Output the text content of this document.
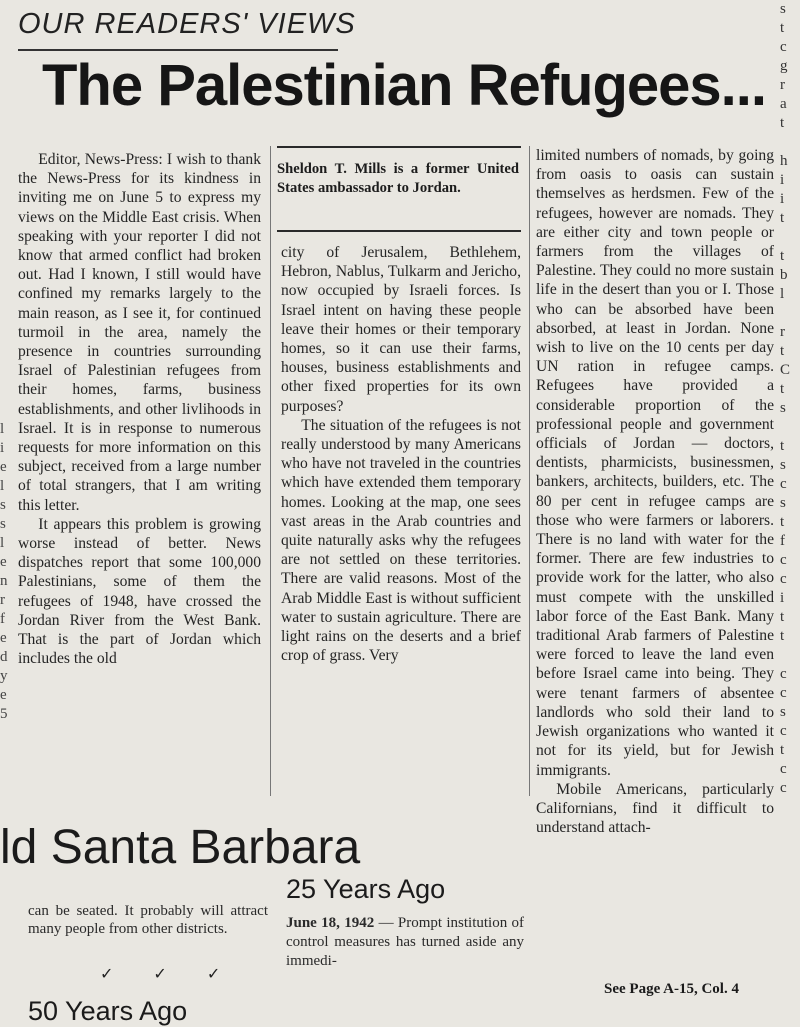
OUR READERS' VIEWS
The Palestinian Refugees...

Editor, News-Press: I wish to thank the News-Press for its kindness in inviting me on June 5 to express my views on the Middle East crisis. When speaking with your reporter I did not know that armed conflict had broken out. Had I known, I still would have confined my remarks largely to the main reason, as I see it, for continued turmoil in the area, namely the presence in countries surrounding Israel of Palestinian refugees from their homes, farms, business establishments, and other livlihoods in Israel. It is in response to numerous requests for more information on this subject, received from a large number of total strangers, that I am writing this letter.

It appears this problem is growing worse instead of better. News dispatches report that some 100,000 Palestinians, some of them the refugees of 1948, have crossed the Jordan River from the West Bank. That is the part of Jordan which includes the old

Sheldon T. Mills is a former United States ambassador to Jordan.

city of Jerusalem, Bethlehem, Hebron, Nablus, Tulkarm and Jericho, now occupied by Israeli forces. Is Israel intent on having these people leave their homes or their temporary homes, so it can use their farms, houses, business establishments and other fixed properties for its own purposes?

The situation of the refugees is not really understood by many Americans who have not traveled in the countries which have extended them temporary homes. Looking at the map, one sees vast areas in the Arab countries and quite naturally asks why the refugees are not settled on these territories. There are valid reasons. Most of the Arab Middle East is without sufficient water to sustain agriculture. There are light rains on the deserts and a brief crop of grass. Very

limited numbers of nomads, by going from oasis to oasis can sustain themselves as herdsmen. Few of the refugees, however are nomads. They are either city and town people or farmers from the villages of Palestine. They could no more sustain life in the desert than you or I. Those who can be absorbed have been absorbed, at least in Jordan. None wish to live on the 10 cents per day UN ration in refugee camps. Refugees have provided a considerable proportion of the professional people and government officials of Jordan — doctors, dentists, pharmicists, businessmen, bankers, architects, builders, etc. The 80 per cent in refugee camps are those who were farmers or laborers. There is no land with water for the former. There are few industries to provide work for the latter, who also must compete with the unskilled labor force of the East Bank. Many traditional Arab farmers of Palestine were forced to leave the land even before Israel came into being. They were tenant farmers of absentee landlords who sold their land to Jewish organizations who wanted it not for its yield, but for Jewish immigrants.

Mobile Americans, particularly Californians, find it difficult to understand attach-

s
t
c
g
r
a
t

h
i
i
t

t
b
l

r
t
C
t
s

t
s
c
s
t
f
c
c
i
t
t

c
c
s
c
t
c
c
l
i
e
l
s
s
l
e
n
r
f
e
d
y
e
5
ld Santa Barbara
can be seated. It probably will attract many people from other districts.
✓ ✓ ✓
50 Years Ago
25 Years Ago
June 18, 1942 — Prompt institution of control measures has turned aside any immedi-
See Page A-15, Col. 4
